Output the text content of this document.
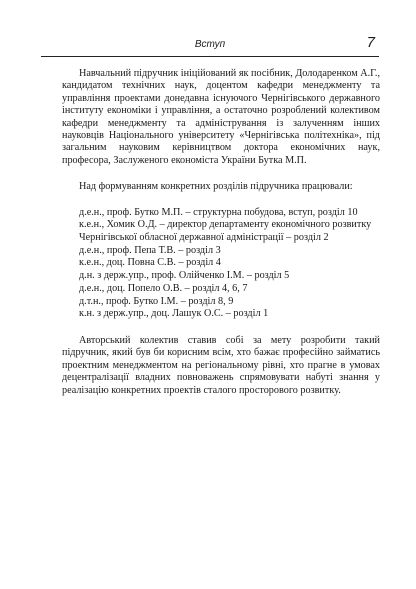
Вступ	7

Навчальний підручник ініційований як посібник, Долодаренком А.Г., кандидатом технічних наук, доцентом кафедри менеджменту та управління проектами донедавна існуючого Чернігівського державного інституту економіки і управління, а остаточно розроблений колективом кафедри менеджменту та адміністрування із залученням інших науковців Національного університету «Чернігівська політехніка», під загальним науковим керівництвом доктора економічних наук, професора, Заслуженого економіста України Бутка М.П.

Над формуванням конкретних розділів підручника працювали:

д.е.н., проф. Бутко М.П. – структурна побудова, вступ, розділ 10
к.е.н., Хомик О.Д. – директор департаменту економічного розвитку
Чернігівської обласної державної адміністрації – розділ 2
д.е.н., проф. Пепа Т.В. – розділ 3
к.е.н., доц. Повна С.В. – розділ 4
д.н. з держ.упр., проф. Олійченко І.М. – розділ 5
д.е.н., доц. Попело О.В. – розділ 4, 6, 7
д.т.н., проф. Бутко І.М. – розділ 8, 9
к.н. з держ.упр., доц. Лашук О.С. – розділ 1

Авторський колектив ставив собі за мету розробити такий підручник, який був би корисним всім, хто бажає професійно займатись проектним менеджментом на регіональному рівні, хто прагне в умовах децентралізації владних повноважень спрямовувати набуті знання у реалізацію конкретних проектів сталого просторового розвитку.
